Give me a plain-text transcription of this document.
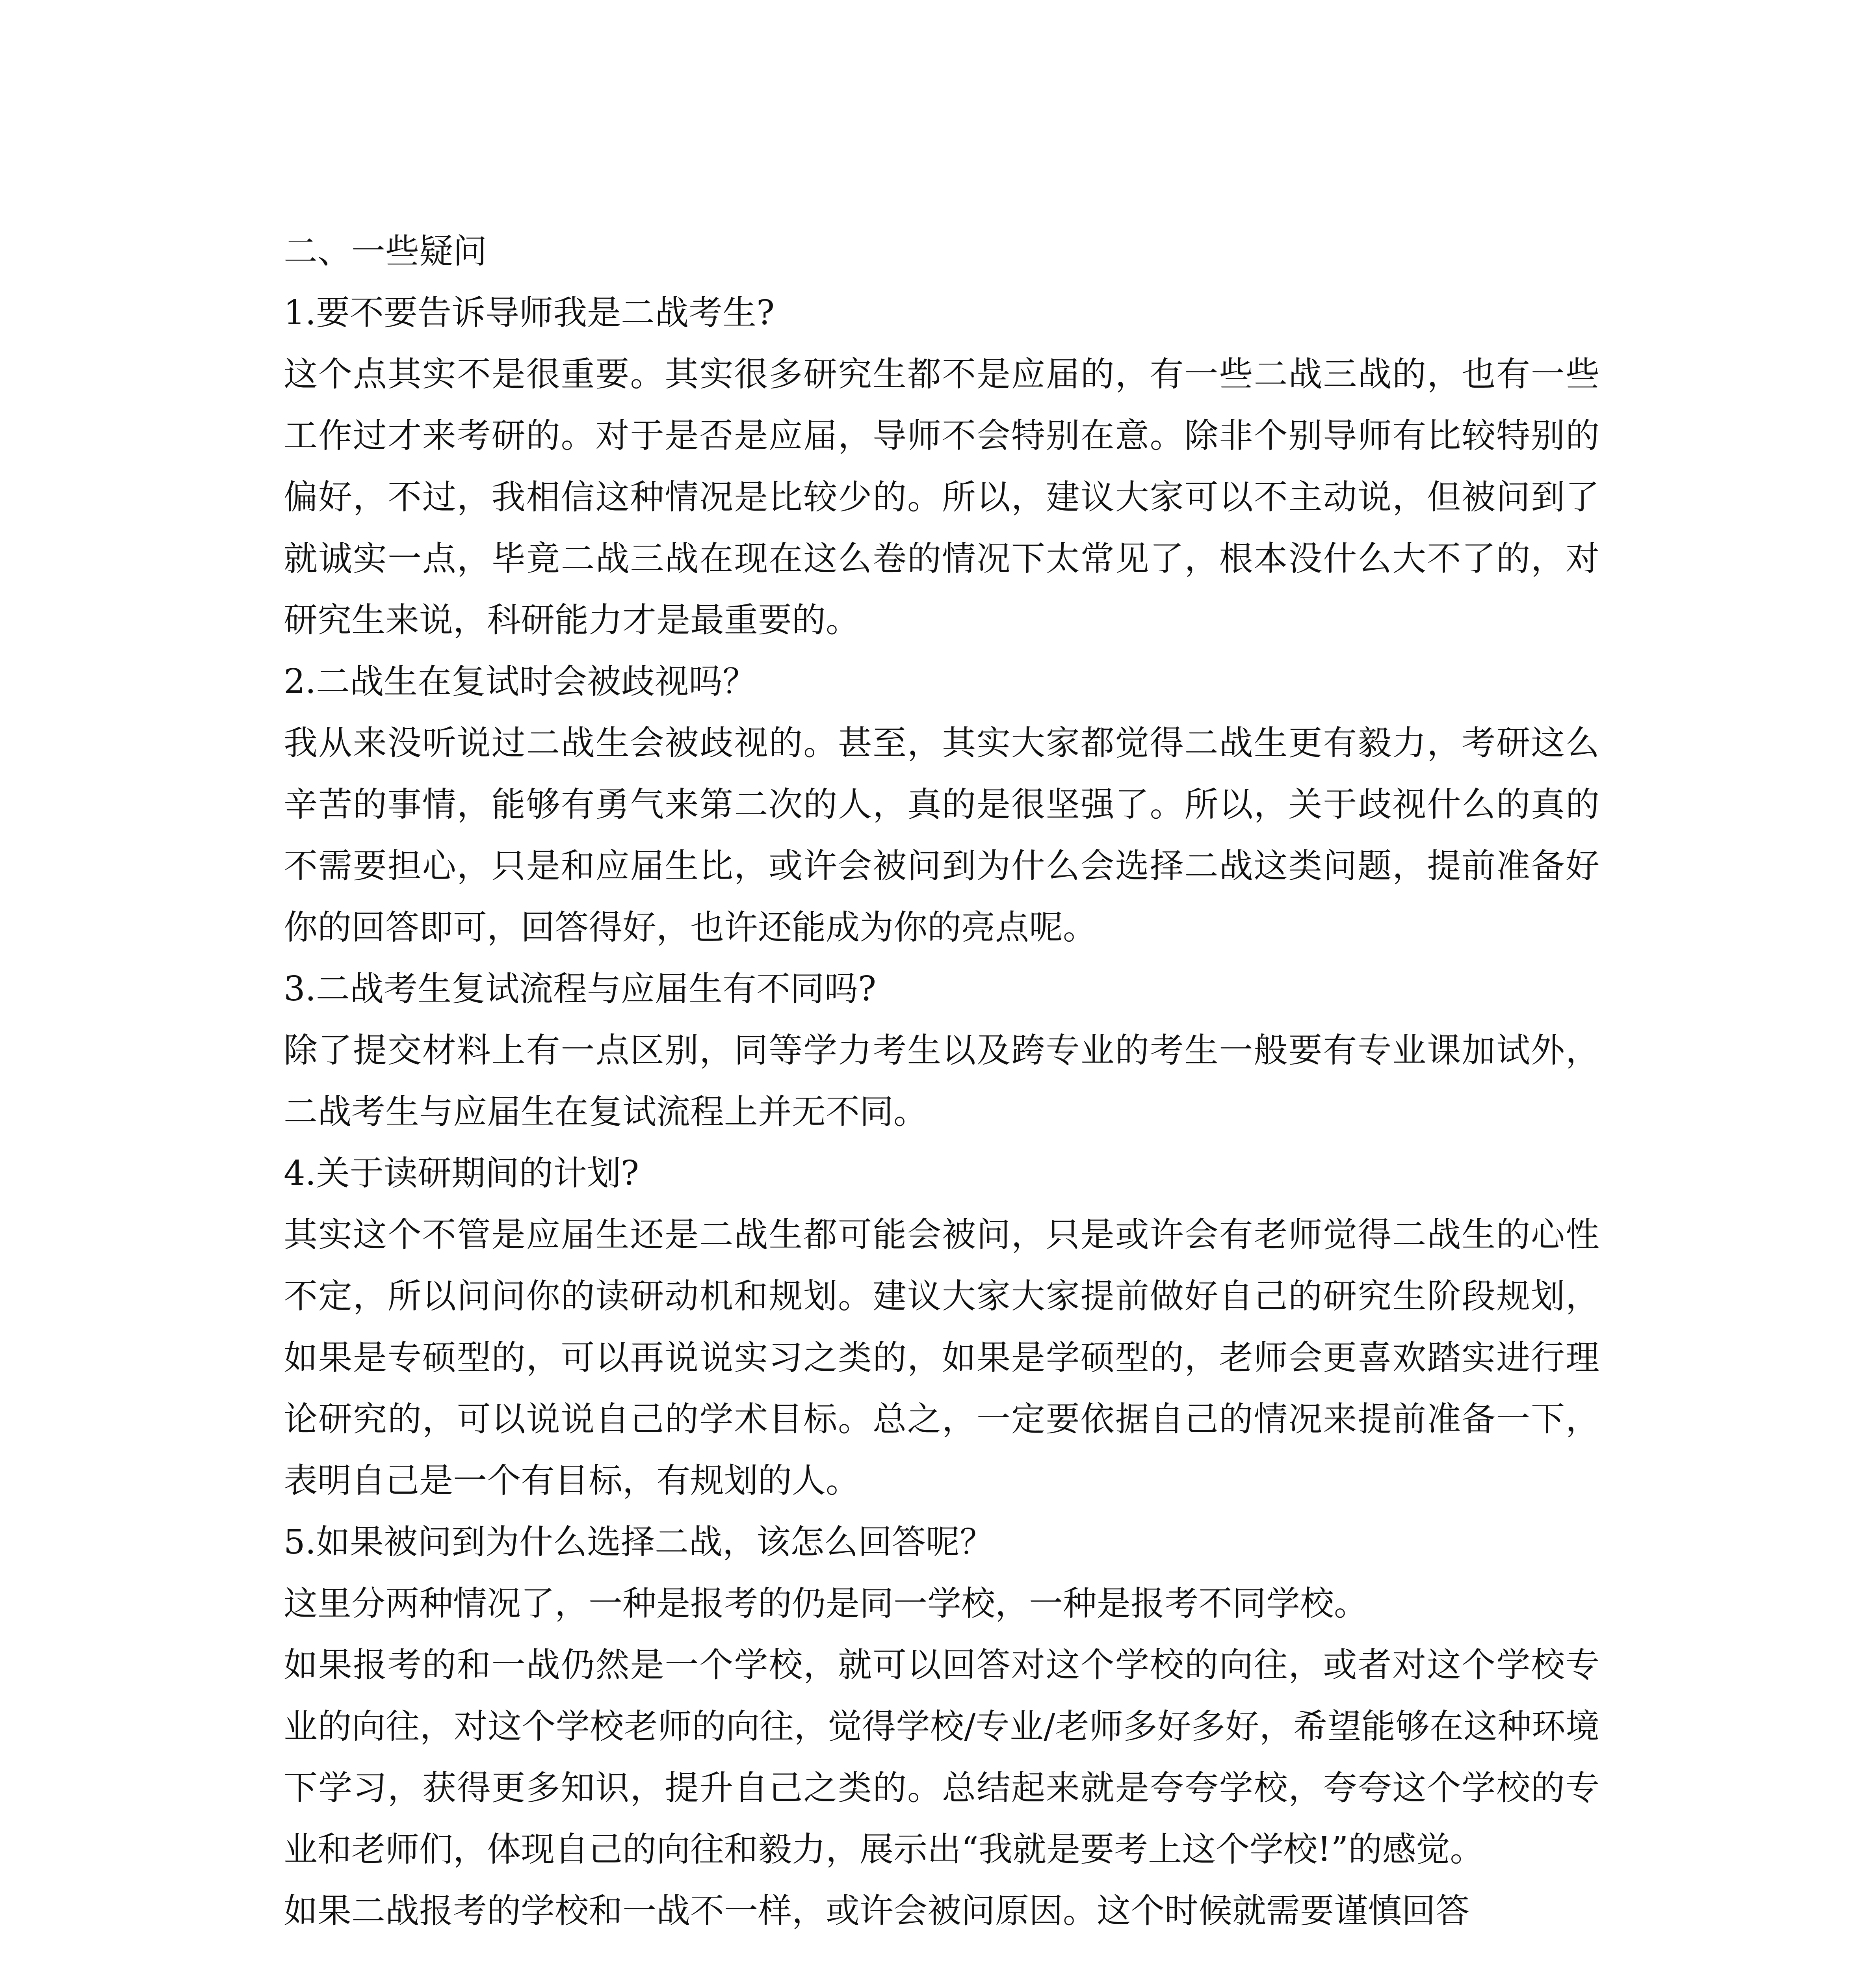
二、一些疑问
1.要不要告诉导师我是二战考生?
这个点其实不是很重要。其实很多研究生都不是应届的，有一些二战三战的，也有一些工作过才来考研的。对于是否是应届，导师不会特别在意。除非个别导师有比较特别的偏好，不过，我相信这种情况是比较少的。所以，建议大家可以不主动说，但被问到了就诚实一点，毕竟二战三战在现在这么卷的情况下太常见了，根本没什么大不了的，对研究生来说，科研能力才是最重要的。
2.二战生在复试时会被歧视吗？
我从来没听说过二战生会被歧视的。甚至，其实大家都觉得二战生更有毅力，考研这么辛苦的事情，能够有勇气来第二次的人，真的是很坚强了。所以，关于歧视什么的真的不需要担心，只是和应届生比，或许会被问到为什么会选择二战这类问题，提前准备好你的回答即可，回答得好，也许还能成为你的亮点呢。
3.二战考生复试流程与应届生有不同吗?
除了提交材料上有一点区别，同等学力考生以及跨专业的考生一般要有专业课加试外，二战考生与应届生在复试流程上并无不同。
4.关于读研期间的计划?
其实这个不管是应届生还是二战生都可能会被问，只是或许会有老师觉得二战生的心性不定，所以问问你的读研动机和规划。建议大家大家提前做好自己的研究生阶段规划，如果是专硕型的，可以再说说实习之类的，如果是学硕型的，老师会更喜欢踏实进行理论研究的，可以说说自己的学术目标。总之，一定要依据自己的情况来提前准备一下，表明自己是一个有目标，有规划的人。
5.如果被问到为什么选择二战，该怎么回答呢？
这里分两种情况了，一种是报考的仍是同一学校，一种是报考不同学校。
如果报考的和一战仍然是一个学校，就可以回答对这个学校的向往，或者对这个学校专业的向往，对这个学校老师的向往，觉得学校/专业/老师多好多好，希望能够在这种环境下学习，获得更多知识，提升自己之类的。总结起来就是夸夸学校，夸夸这个学校的专业和老师们，体现自己的向往和毅力，展示出“我就是要考上这个学校!”的感觉。
如果二战报考的学校和一战不一样，或许会被问原因。这个时候就需要谨慎回答
